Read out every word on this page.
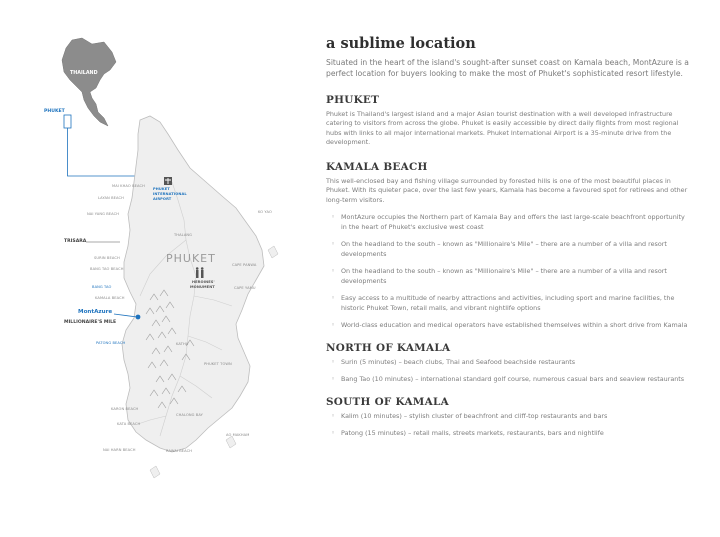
THAILAND
PHUKET
PHUKET
INTERNATIONAL
AIRPORT
MAI KHAO BEACH
LAYAN BEACH
NAI YANG BEACH	KO YAO
THALANG
TRISARA
PHUKET
SURIN BEACH
BANG TAO BEACH
CAPE PANWA
HEROINES'
MONUMENT	CAPE YAMU
BANG TAO
KAMALA BEACH
MontAzure
MILLIONAIRE'S MILE
PATONG BEACH	KATHU
PHUKET TOWN
KARON BEACH
CHALONG BAY
KATA BEACH
AO MAKHAM
NAI HARN BEACH	RAWAI BEACH
a sublime location

Situated in the heart of the island's sought-after sunset coast on Kamala beach, MontAzure is a perfect location for buyers looking to make the most of Phuket's sophisticated resort lifestyle.

PHUKET

Phuket is Thailand's largest island and a major Asian tourist destination with a well developed infrastructure catering to visitors from across the globe. Phuket is easily accessible by direct daily flights from most regional hubs with links to all major international markets. Phuket International Airport is a 35-minute drive from the development.

KAMALA BEACH

This well-enclosed bay and fishing village surrounded by forested hills is one of the most beautiful places in Phuket. With its quieter pace, over the last few years, Kamala has become a favoured spot for retirees and other long-term visitors.

◦ MontAzure occupies the Northern part of Kamala Bay and offers the last large-scale beachfront opportunity in the heart of Phuket's exclusive west coast
◦ On the headland to the south – known as "Millionaire's Mile" – there are a number of a villa and resort developments
◦ On the headland to the south – known as "Millionaire's Mile" – there are a number of a villa and resort developments
◦ Easy access to a multitude of nearby attractions and activities, including sport and marine facilities, the historic Phuket Town, retail malls, and vibrant nightlife options
◦ World-class education and medical operators have established themselves within a short drive from Kamala
NORTH OF KAMALA
◦ Surin (5 minutes) – beach clubs, Thai and Seafood beachside restaurants
◦ Bang Tao (10 minutes) – international standard golf course, numerous casual bars and seaview restaurants
SOUTH OF KAMALA
◦ Kalim (10 minutes) – stylish cluster of beachfront and cliff-top restaurants and bars
◦ Patong (15 minutes) – retail malls, streets markets, restaurants, bars and nightlife
